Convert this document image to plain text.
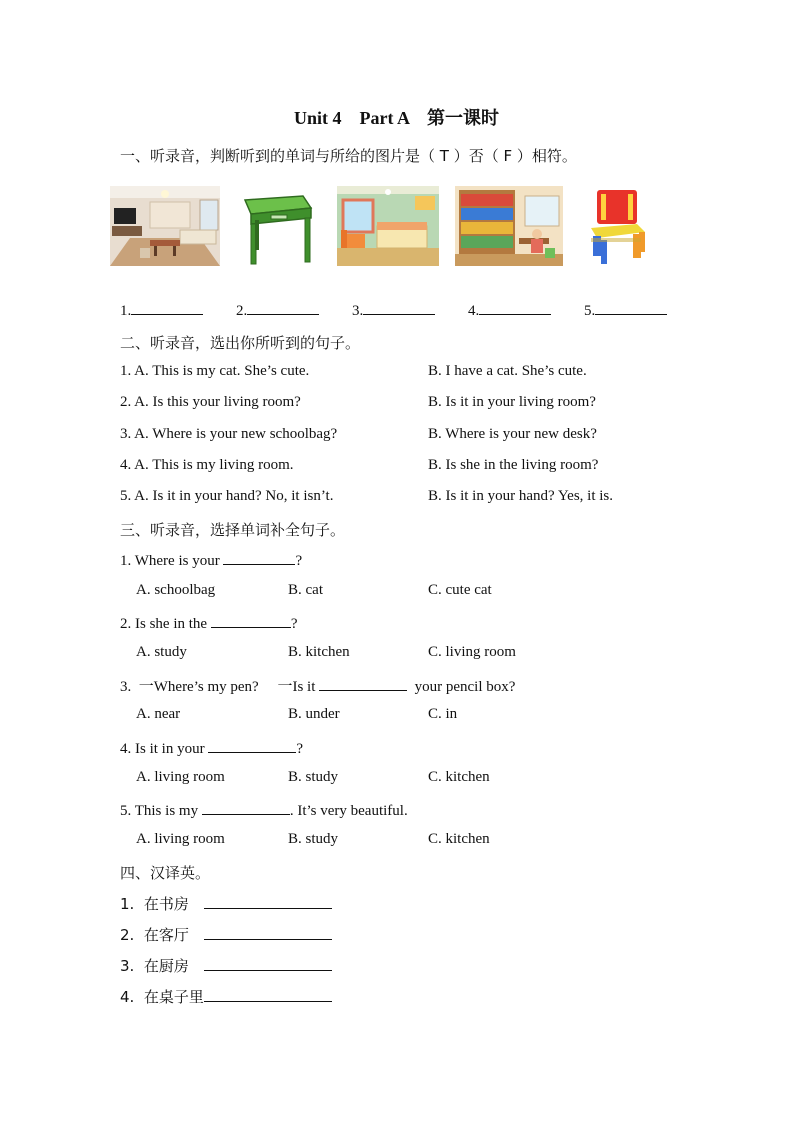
Unit 4    Part A    第一课时
一、听录音，判断听到的单词与所给的图片是（ T ）否（ F ）相符。
1.	2.	3.	4.	5.
二、听录音，选出你所听到的句子。
1. A. This is my cat. She’s cute.	B. I have a cat. She’s cute.
2. A. Is this your living room?	B. Is it in your living room?
3. A. Where is your new schoolbag?	B. Where is your new desk?
4. A. This is my living room.	B. Is she in the living room?
5. A. Is it in your hand? No, it isn’t.	B. Is it in your hand? Yes, it is.
三、听录音，选择单词补全句子。
1. Where is your	?
A. schoolbag	B. cat	C. cute cat
2. Is she in the	?
A. study	B. kitchen	C. living room
3.  一Where’s my pen?     一Is it	your pencil box?
A. near	B. under	C. in
4. Is it in your	?
A. living room	B. study	C. kitchen
5. This is my	. It’s very beautiful.
A. living room	B. study	C. kitchen
四、汉译英。
1.  在书房
2.  在客厅
3.  在厨房
4.  在桌子里
